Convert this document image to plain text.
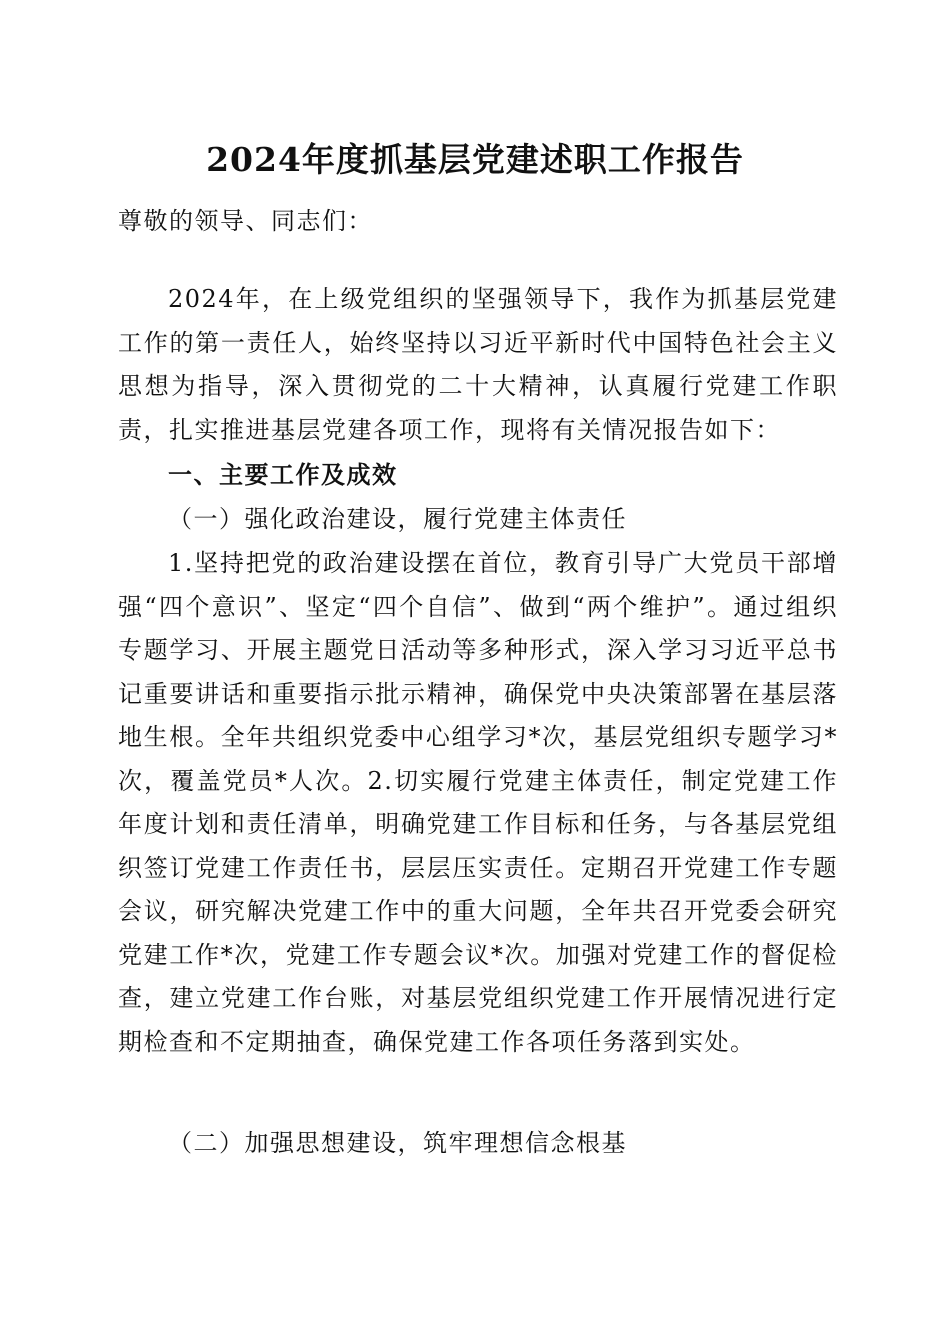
2024年度抓基层党建述职工作报告
尊敬的领导、同志们：
2024年，在上级党组织的坚强领导下，我作为抓基层党建工作的第一责任人，始终坚持以习近平新时代中国特色社会主义思想为指导，深入贯彻党的二十大精神，认真履行党建工作职责，扎实推进基层党建各项工作，现将有关情况报告如下：
一、主要工作及成效
（一）强化政治建设，履行党建主体责任
1.坚持把党的政治建设摆在首位，教育引导广大党员干部增强“四个意识”、坚定“四个自信”、做到“两个维护”。通过组织专题学习、开展主题党日活动等多种形式，深入学习习近平总书记重要讲话和重要指示批示精神，确保党中央决策部署在基层落地生根。全年共组织党委中心组学习*次，基层党组织专题学习*次，覆盖党员*人次。2.切实履行党建主体责任，制定党建工作年度计划和责任清单，明确党建工作目标和任务，与各基层党组织签订党建工作责任书，层层压实责任。定期召开党建工作专题会议，研究解决党建工作中的重大问题，全年共召开党委会研究党建工作*次，党建工作专题会议*次。加强对党建工作的督促检查，建立党建工作台账，对基层党组织党建工作开展情况进行定期检查和不定期抽查，确保党建工作各项任务落到实处。
（二）加强思想建设，筑牢理想信念根基
